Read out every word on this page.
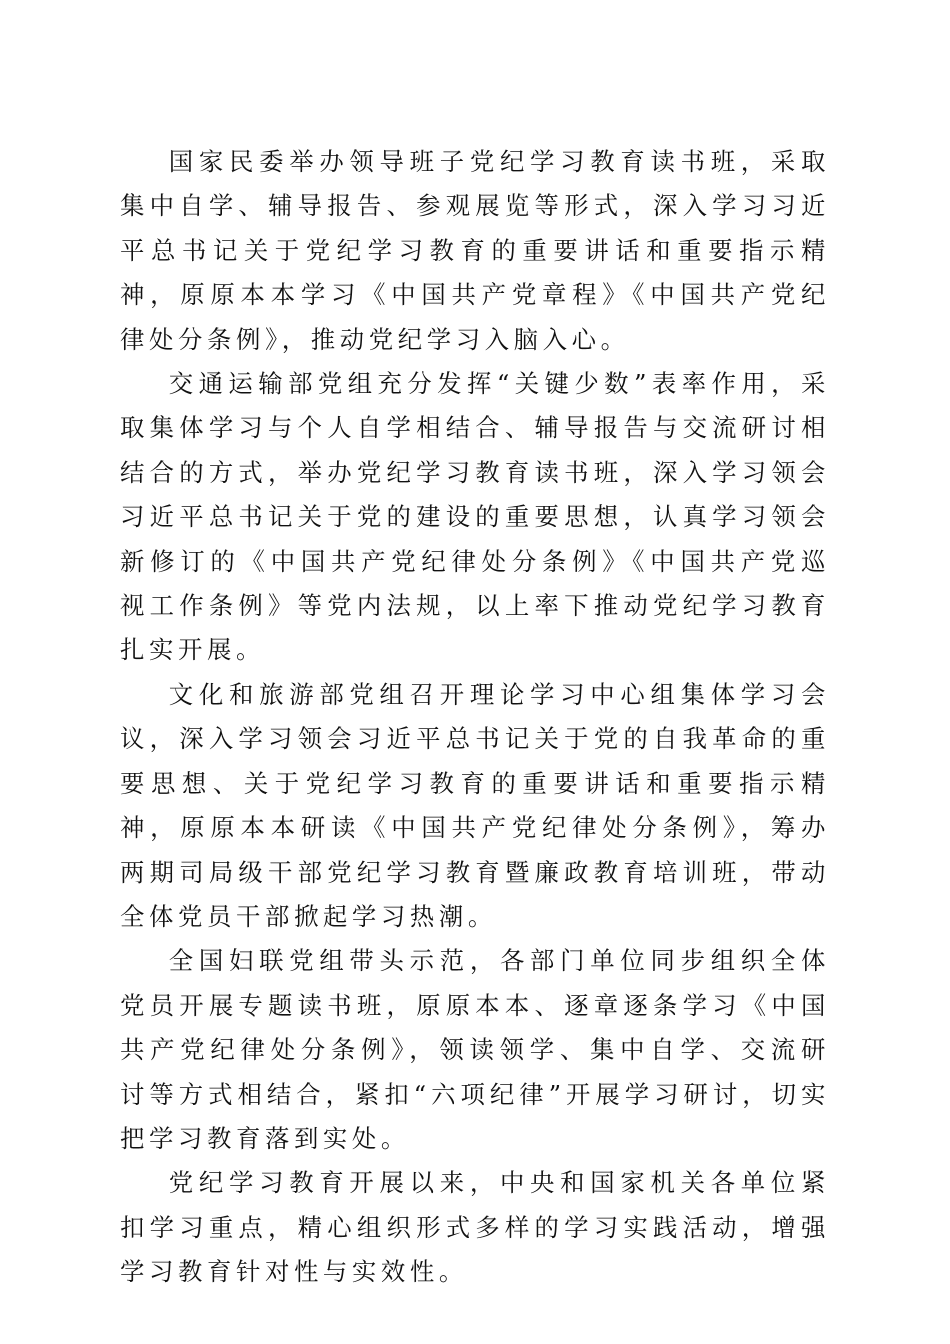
国家民委举办领导班子党纪学习教育读书班，采取集中自学、辅导报告、参观展览等形式，深入学习习近平总书记关于党纪学习教育的重要讲话和重要指示精神，原原本本学习《中国共产党章程》《中国共产党纪律处分条例》，推动党纪学习入脑入心。

交通运输部党组充分发挥“关键少数”表率作用，采取集体学习与个人自学相结合、辅导报告与交流研讨相结合的方式，举办党纪学习教育读书班，深入学习领会习近平总书记关于党的建设的重要思想，认真学习领会新修订的《中国共产党纪律处分条例》《中国共产党巡视工作条例》等党内法规，以上率下推动党纪学习教育扎实开展。

文化和旅游部党组召开理论学习中心组集体学习会议，深入学习领会习近平总书记关于党的自我革命的重要思想、关于党纪学习教育的重要讲话和重要指示精神，原原本本研读《中国共产党纪律处分条例》，筹办两期司局级干部党纪学习教育暨廉政教育培训班，带动全体党员干部掀起学习热潮。

全国妇联党组带头示范，各部门单位同步组织全体党员开展专题读书班，原原本本、逐章逐条学习《中国共产党纪律处分条例》，领读领学、集中自学、交流研讨等方式相结合，紧扣“六项纪律”开展学习研讨，切实把学习教育落到实处。

党纪学习教育开展以来，中央和国家机关各单位紧扣学习重点，精心组织形式多样的学习实践活动，增强学习教育针对性与实效性。
